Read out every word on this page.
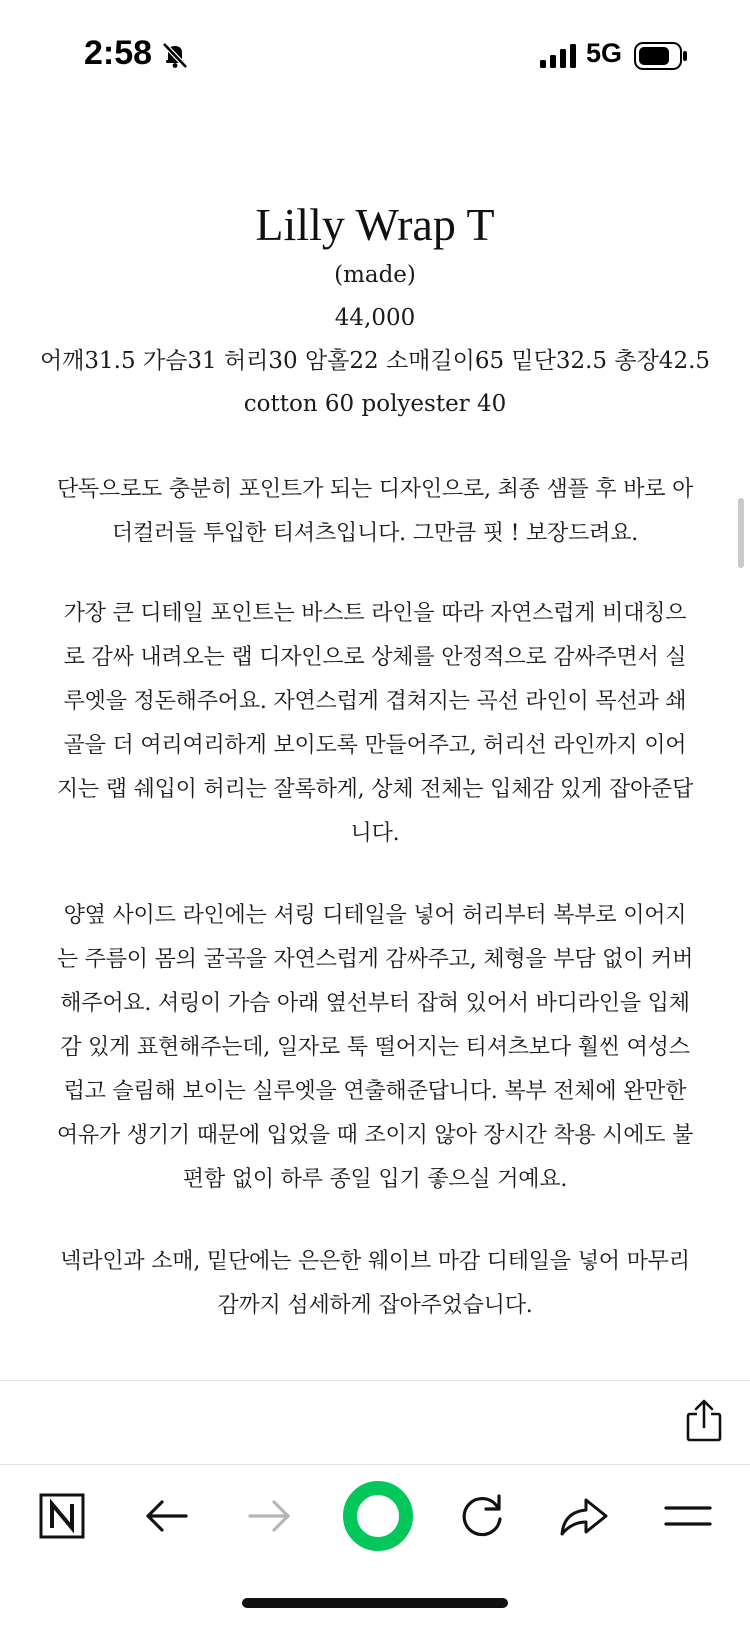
2:58	5G
Lilly Wrap T
(made)
44,000
어깨31.5 가슴31 허리30 암홀22 소매길이65 밑단32.5 총장42.5
cotton 60 polyester 40
단독으로도 충분히 포인트가 되는 디자인으로, 최종 샘플 후 바로 아
더컬러들 투입한 티셔츠입니다. 그만큼 핏 ! 보장드려요.
가장 큰 디테일 포인트는 바스트 라인을 따라 자연스럽게 비대칭으
로 감싸 내려오는 랩 디자인으로 상체를 안정적으로 감싸주면서 실
루엣을 정돈해주어요. 자연스럽게 겹쳐지는 곡선 라인이 목선과 쇄
골을 더 여리여리하게 보이도록 만들어주고, 허리선 라인까지 이어
지는 랩 쉐입이 허리는 잘록하게, 상체 전체는 입체감 있게 잡아준답
니다.
양옆 사이드 라인에는 셔링 디테일을 넣어 허리부터 복부로 이어지
는 주름이 몸의 굴곡을 자연스럽게 감싸주고, 체형을 부담 없이 커버
해주어요. 셔링이 가슴 아래 옆선부터 잡혀 있어서 바디라인을 입체
감 있게 표현해주는데, 일자로 툭 떨어지는 티셔츠보다 훨씬 여성스
럽고 슬림해 보이는 실루엣을 연출해준답니다. 복부 전체에 완만한
여유가 생기기 때문에 입었을 때 조이지 않아 장시간 착용 시에도 불
편함 없이 하루 종일 입기 좋으실 거예요.
넥라인과 소매, 밑단에는 은은한 웨이브 마감 디테일을 넣어 마무리
감까지 섬세하게 잡아주었습니다.
